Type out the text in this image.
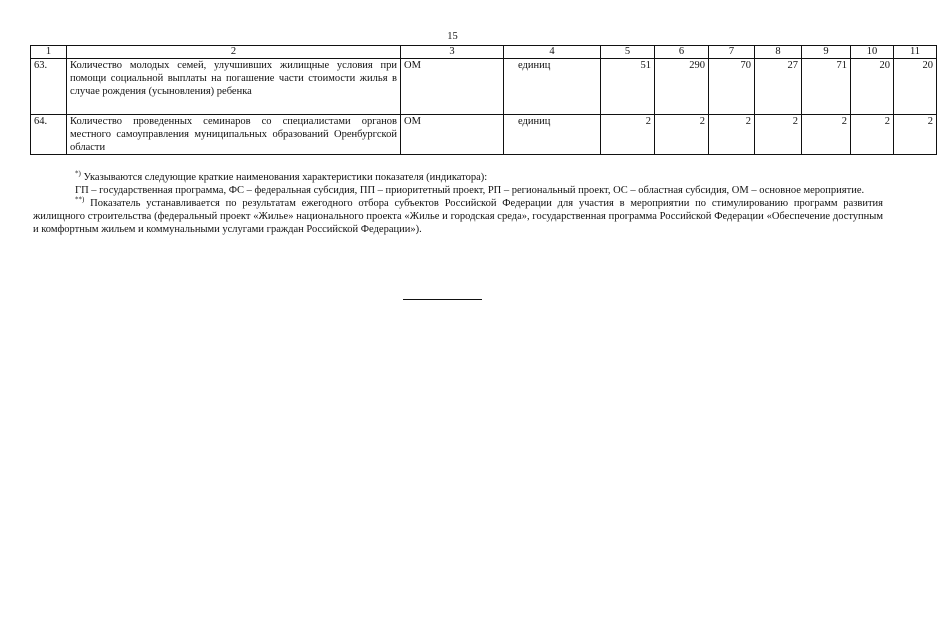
15
1	2	3	4	5	6	7	8	9	10	11
63.	Количество молодых семей, улучшивших жилищные условия при помощи социальной выплаты на погашение части стоимости жилья в случае рождения (усыновления) ребенка	ОМ	единиц	51	290	70	27	71	20	20
64.	Количество проведенных семинаров со специалистами органов местного самоуправления муниципальных образований Оренбургской области	ОМ	единиц	2	2	2	2	2	2	2

*) Указываются следующие краткие наименования характеристики показателя (индикатора):

ГП – государственная программа, ФС – федеральная субсидия, ПП – приоритетный проект, РП – региональный проект, ОС – областная субсидия, ОМ – основное мероприятие.

**) Показатель устанавливается по результатам ежегодного отбора субъектов Российской Федерации для участия в мероприятии по стимулированию программ развития жилищного строительства (федеральный проект «Жилье» национального проекта «Жилье и городская среда», государственная программа Российской Федерации «Обеспечение доступным и комфортным жильем и коммунальными услугами граждан Российской Федерации»).
